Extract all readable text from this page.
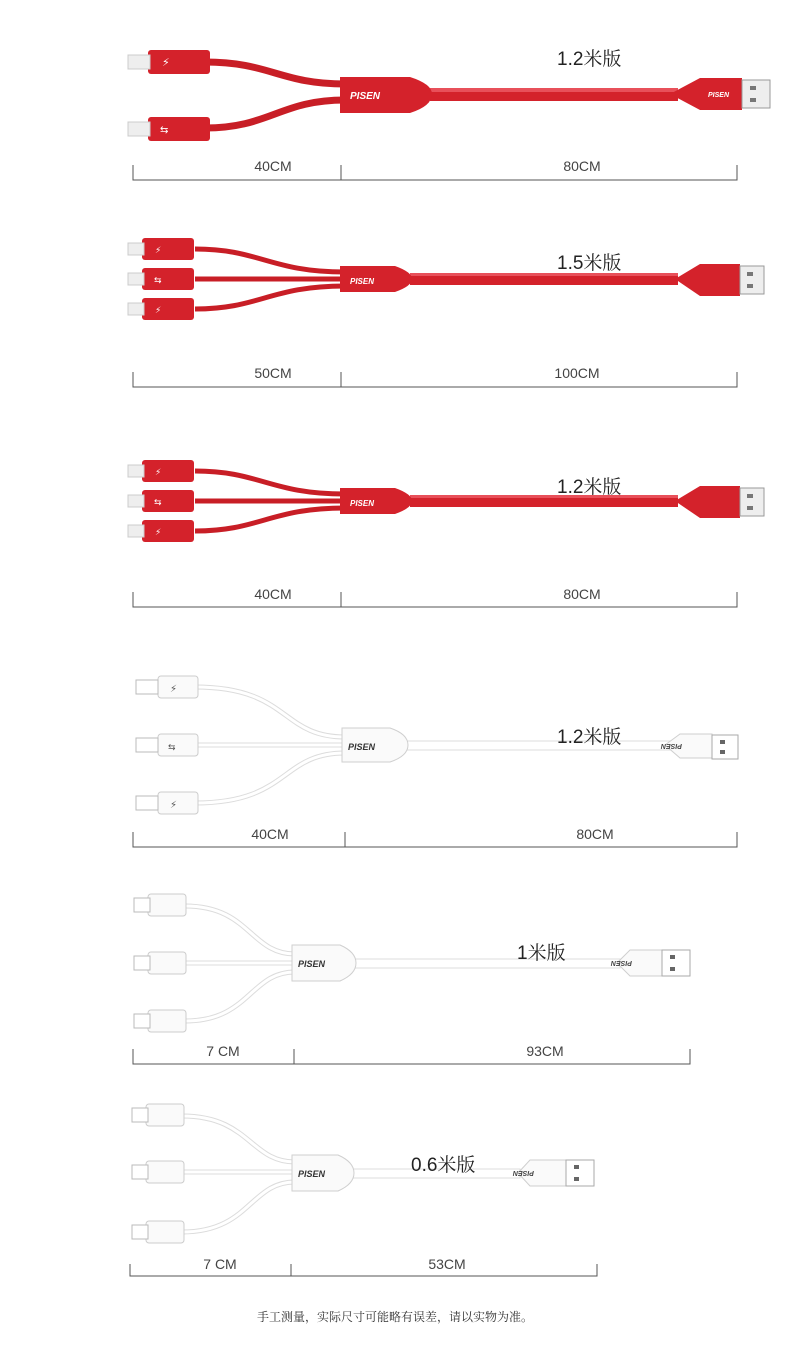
PISEN	PISEN
⚡
⇆
1.2米版
40CM	80CM
PISEN
⚡
⇆
⚡
1.5米版
50CM	100CM
PISEN
⚡
⇆
⚡
1.2米版
40CM	80CM
PISEN	PISEN
⚡
⇆
⚡
1.2米版
40CM	80CM
PISEN	PISEN
1米版
7 CM	93CM
PISEN	PISEN
0.6米版
7 CM	53CM
手工测量，实际尺寸可能略有误差，请以实物为准。
